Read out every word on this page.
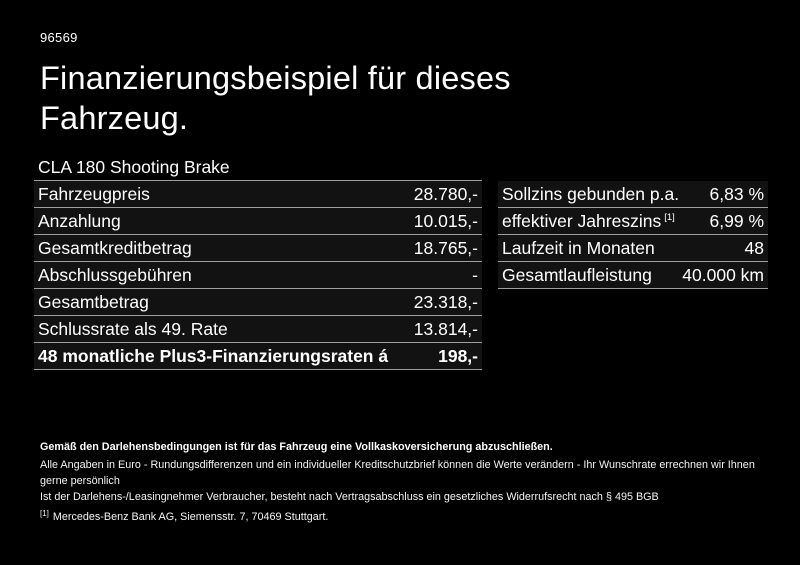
96569
Finanzierungsbeispiel für dieses Fahrzeug.
CLA 180 Shooting Brake
Fahrzeugpreis	28.780,-
Anzahlung	10.015,-
Gesamtkreditbetrag	18.765,-
Abschlussgebühren	-
Gesamtbetrag	23.318,-
Schlussrate als 49. Rate	13.814,-
48 monatliche Plus3-Finanzierungsraten á	198,-
Sollzins gebunden p.a. 6,83 %
effektiver Jahreszins [1] 6,99 %
Laufzeit in Monaten	48
Gesamtlaufleistung 40.000 km

Gemäß den Darlehensbedingungen ist für das Fahrzeug eine Vollkaskoversicherung abzuschließen.

Alle Angaben in Euro - Rundungsdifferenzen und ein individueller Kreditschutzbrief können die Werte verändern - Ihr Wunschrate errechnen wir Ihnen gerne persönlich

Ist der Darlehens-/Leasingnehmer Verbraucher, besteht nach Vertragsabschluss ein gesetzliches Widerrufsrecht nach § 495 BGB

[1] Mercedes-Benz Bank AG, Siemensstr. 7, 70469 Stuttgart.
